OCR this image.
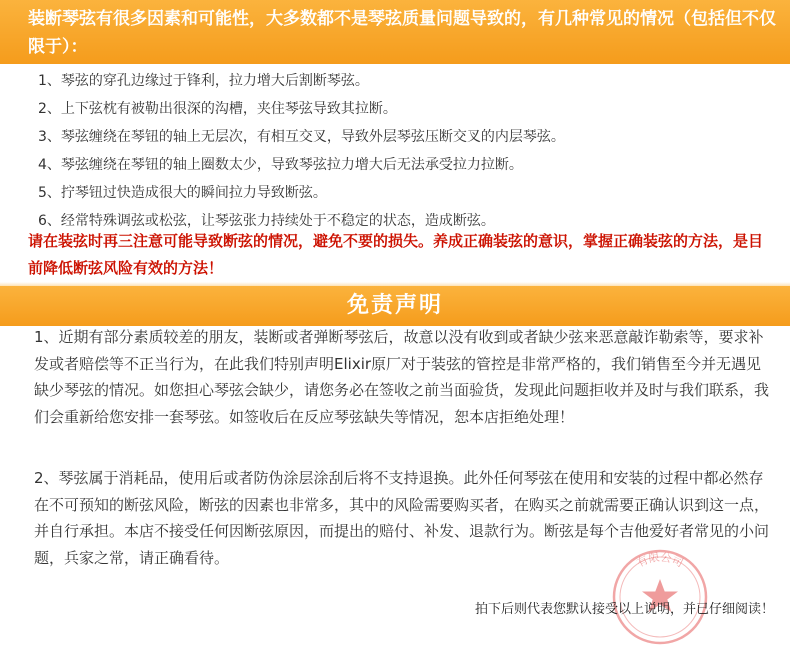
装断琴弦有很多因素和可能性，大多数都不是琴弦质量问题导致的，有几种常见的情况（包括但不仅限于）：
1、琴弦的穿孔边缘过于锋利，拉力增大后割断琴弦。
2、上下弦枕有被勒出很深的沟槽，夹住琴弦导致其拉断。
3、琴弦缠绕在琴钮的轴上无层次，有相互交叉，导致外层琴弦压断交叉的内层琴弦。
4、琴弦缠绕在琴钮的轴上圈数太少，导致琴弦拉力增大后无法承受拉力拉断。
5、拧琴钮过快造成很大的瞬间拉力导致断弦。
6、经常特殊调弦或松弦，让琴弦张力持续处于不稳定的状态，造成断弦。
请在装弦时再三注意可能导致断弦的情况，避免不要的损失。养成正确装弦的意识，掌握正确装弦的方法，是目前降低断弦风险有效的方法！
免责声明
1、近期有部分素质较差的朋友，装断或者弹断琴弦后，故意以没有收到或者缺少弦来恶意敲诈勒索等，要求补发或者赔偿等不正当行为，在此我们特别声明Elixir原厂对于装弦的管控是非常严格的，我们销售至今并无遇见缺少琴弦的情况。如您担心琴弦会缺少，请您务必在签收之前当面验货，发现此问题拒收并及时与我们联系，我们会重新给您安排一套琴弦。如签收后在反应琴弦缺失等情况，恕本店拒绝处理！
2、琴弦属于消耗品，使用后或者防伪涂层涂刮后将不支持退换。此外任何琴弦在使用和安装的过程中都必然存在不可预知的断弦风险，断弦的因素也非常多，其中的风险需要购买者，在购买之前就需要正确认识到这一点，并自行承担。本店不接受任何因断弦原因，而提出的赔付、补发、退款行为。断弦是每个吉他爱好者常见的小问题，兵家之常，请正确看待。	有限公司
拍下后则代表您默认接受以上说明，并已仔细阅读！
